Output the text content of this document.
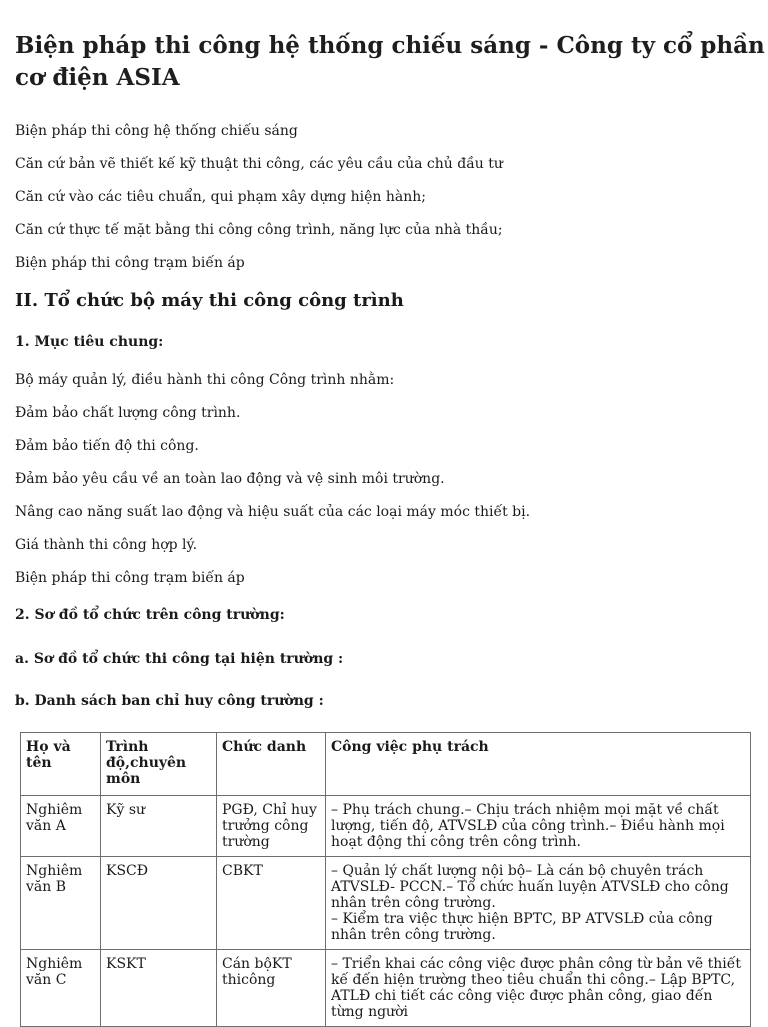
Biện pháp thi công hệ thống chiếu sáng - Công ty cổ phần cơ điện ASIA
Biện pháp thi công hệ thống chiếu sáng
Căn cứ bản vẽ thiết kế kỹ thuật thi công, các yêu cầu của chủ đầu tư
Căn cứ vào các tiêu chuẩn, qui phạm xây dựng hiện hành;
Căn cứ thực tế mặt bằng thi công công trình, năng lực của nhà thầu;
Biện pháp thi công trạm biến áp
II. Tổ chức bộ máy thi công công trình
1. Mục tiêu chung:
Bộ máy quản lý, điều hành thi công Công trình nhằm:
Đảm bảo chất lượng công trình.
Đảm bảo tiến độ thi công.
Đảm bảo yêu cầu về an toàn lao động và vệ sinh môi trường.
Nâng cao năng suất lao động và hiệu suất của các loại máy móc thiết bị.
Giá thành thi công hợp lý.
Biện pháp thi công trạm biến áp
2. Sơ đồ tổ chức trên công trường:
a. Sơ đồ tổ chức thi công tại hiện trường :
b. Danh sách ban chỉ huy công trường :
Họ và tên	Trình độ,chuyên môn	Chức danh	Công việc phụ trách
Nghiêm văn A	Kỹ sư	PGĐ, Chỉ huy trưởng công trường	– Phụ trách chung.– Chịu trách nhiệm mọi mặt về chất lượng, tiến độ, ATVSLĐ của công trình.– Điều hành mọi hoạt động thi công trên công trình.

Nghiêm văn B	KSCĐ	CBKT	– Quản lý chất lượng nội bộ– Là cán bộ chuyên trách ATVSLĐ- PCCN.– Tổ chức huấn luyện ATVSLĐ cho công nhân trên công trường.
– Kiểm tra việc thực hiện BPTC, BP ATVSLĐ của công nhân trên công trường.

Nghiêm văn C	KSKT	Cán bộKT thicông	– Triển khai các công việc được phân công từ bản vẽ thiết kế đến hiện trường theo tiêu chuẩn thi công.– Lập BPTC, ATLĐ chi tiết các công việc được phân công, giao đến từng người
